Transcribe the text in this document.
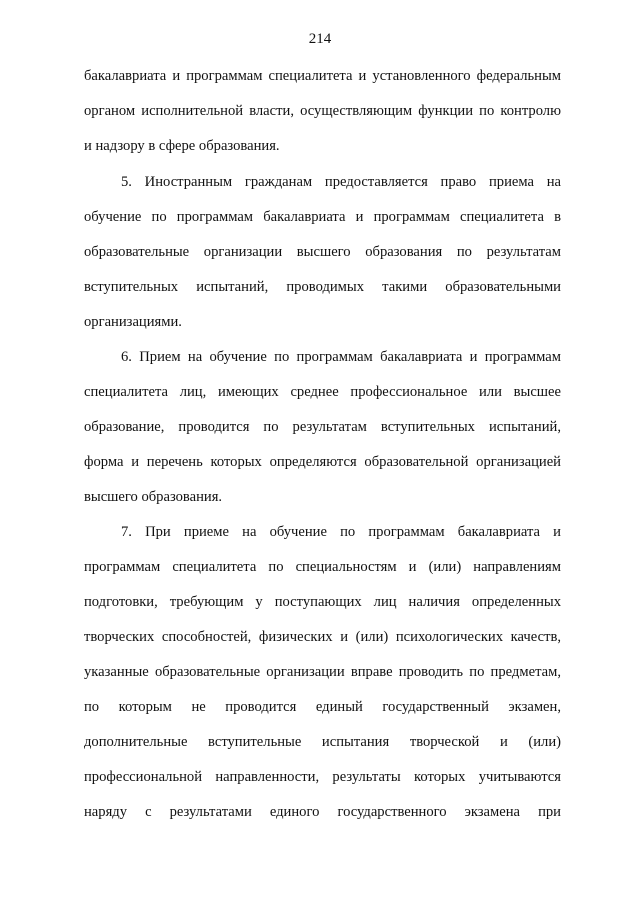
214
бакалавриата и программам специалитета и установленного федеральным
органом исполнительной власти, осуществляющим функции по контролю
и надзору в сфере образования.
5. Иностранным гражданам предоставляется право приема на
обучение по программам бакалавриата и программам специалитета в
образовательные организации высшего образования по результатам
вступительных испытаний, проводимых такими образовательными
организациями.
6. Прием на обучение по программам бакалавриата и программам
специалитета лиц, имеющих среднее профессиональное или высшее
образование, проводится по результатам вступительных испытаний,
форма и перечень которых определяются образовательной организацией
высшего образования.
7. При приеме на обучение по программам бакалавриата и
программам специалитета по специальностям и (или) направлениям
подготовки, требующим у поступающих лиц наличия определенных
творческих способностей, физических и (или) психологических качеств,
указанные образовательные организации вправе проводить по предметам,
по которым не проводится единый государственный экзамен,
дополнительные вступительные испытания творческой и (или)
профессиональной направленности, результаты которых учитываются
наряду с результатами единого государственного экзамена при
